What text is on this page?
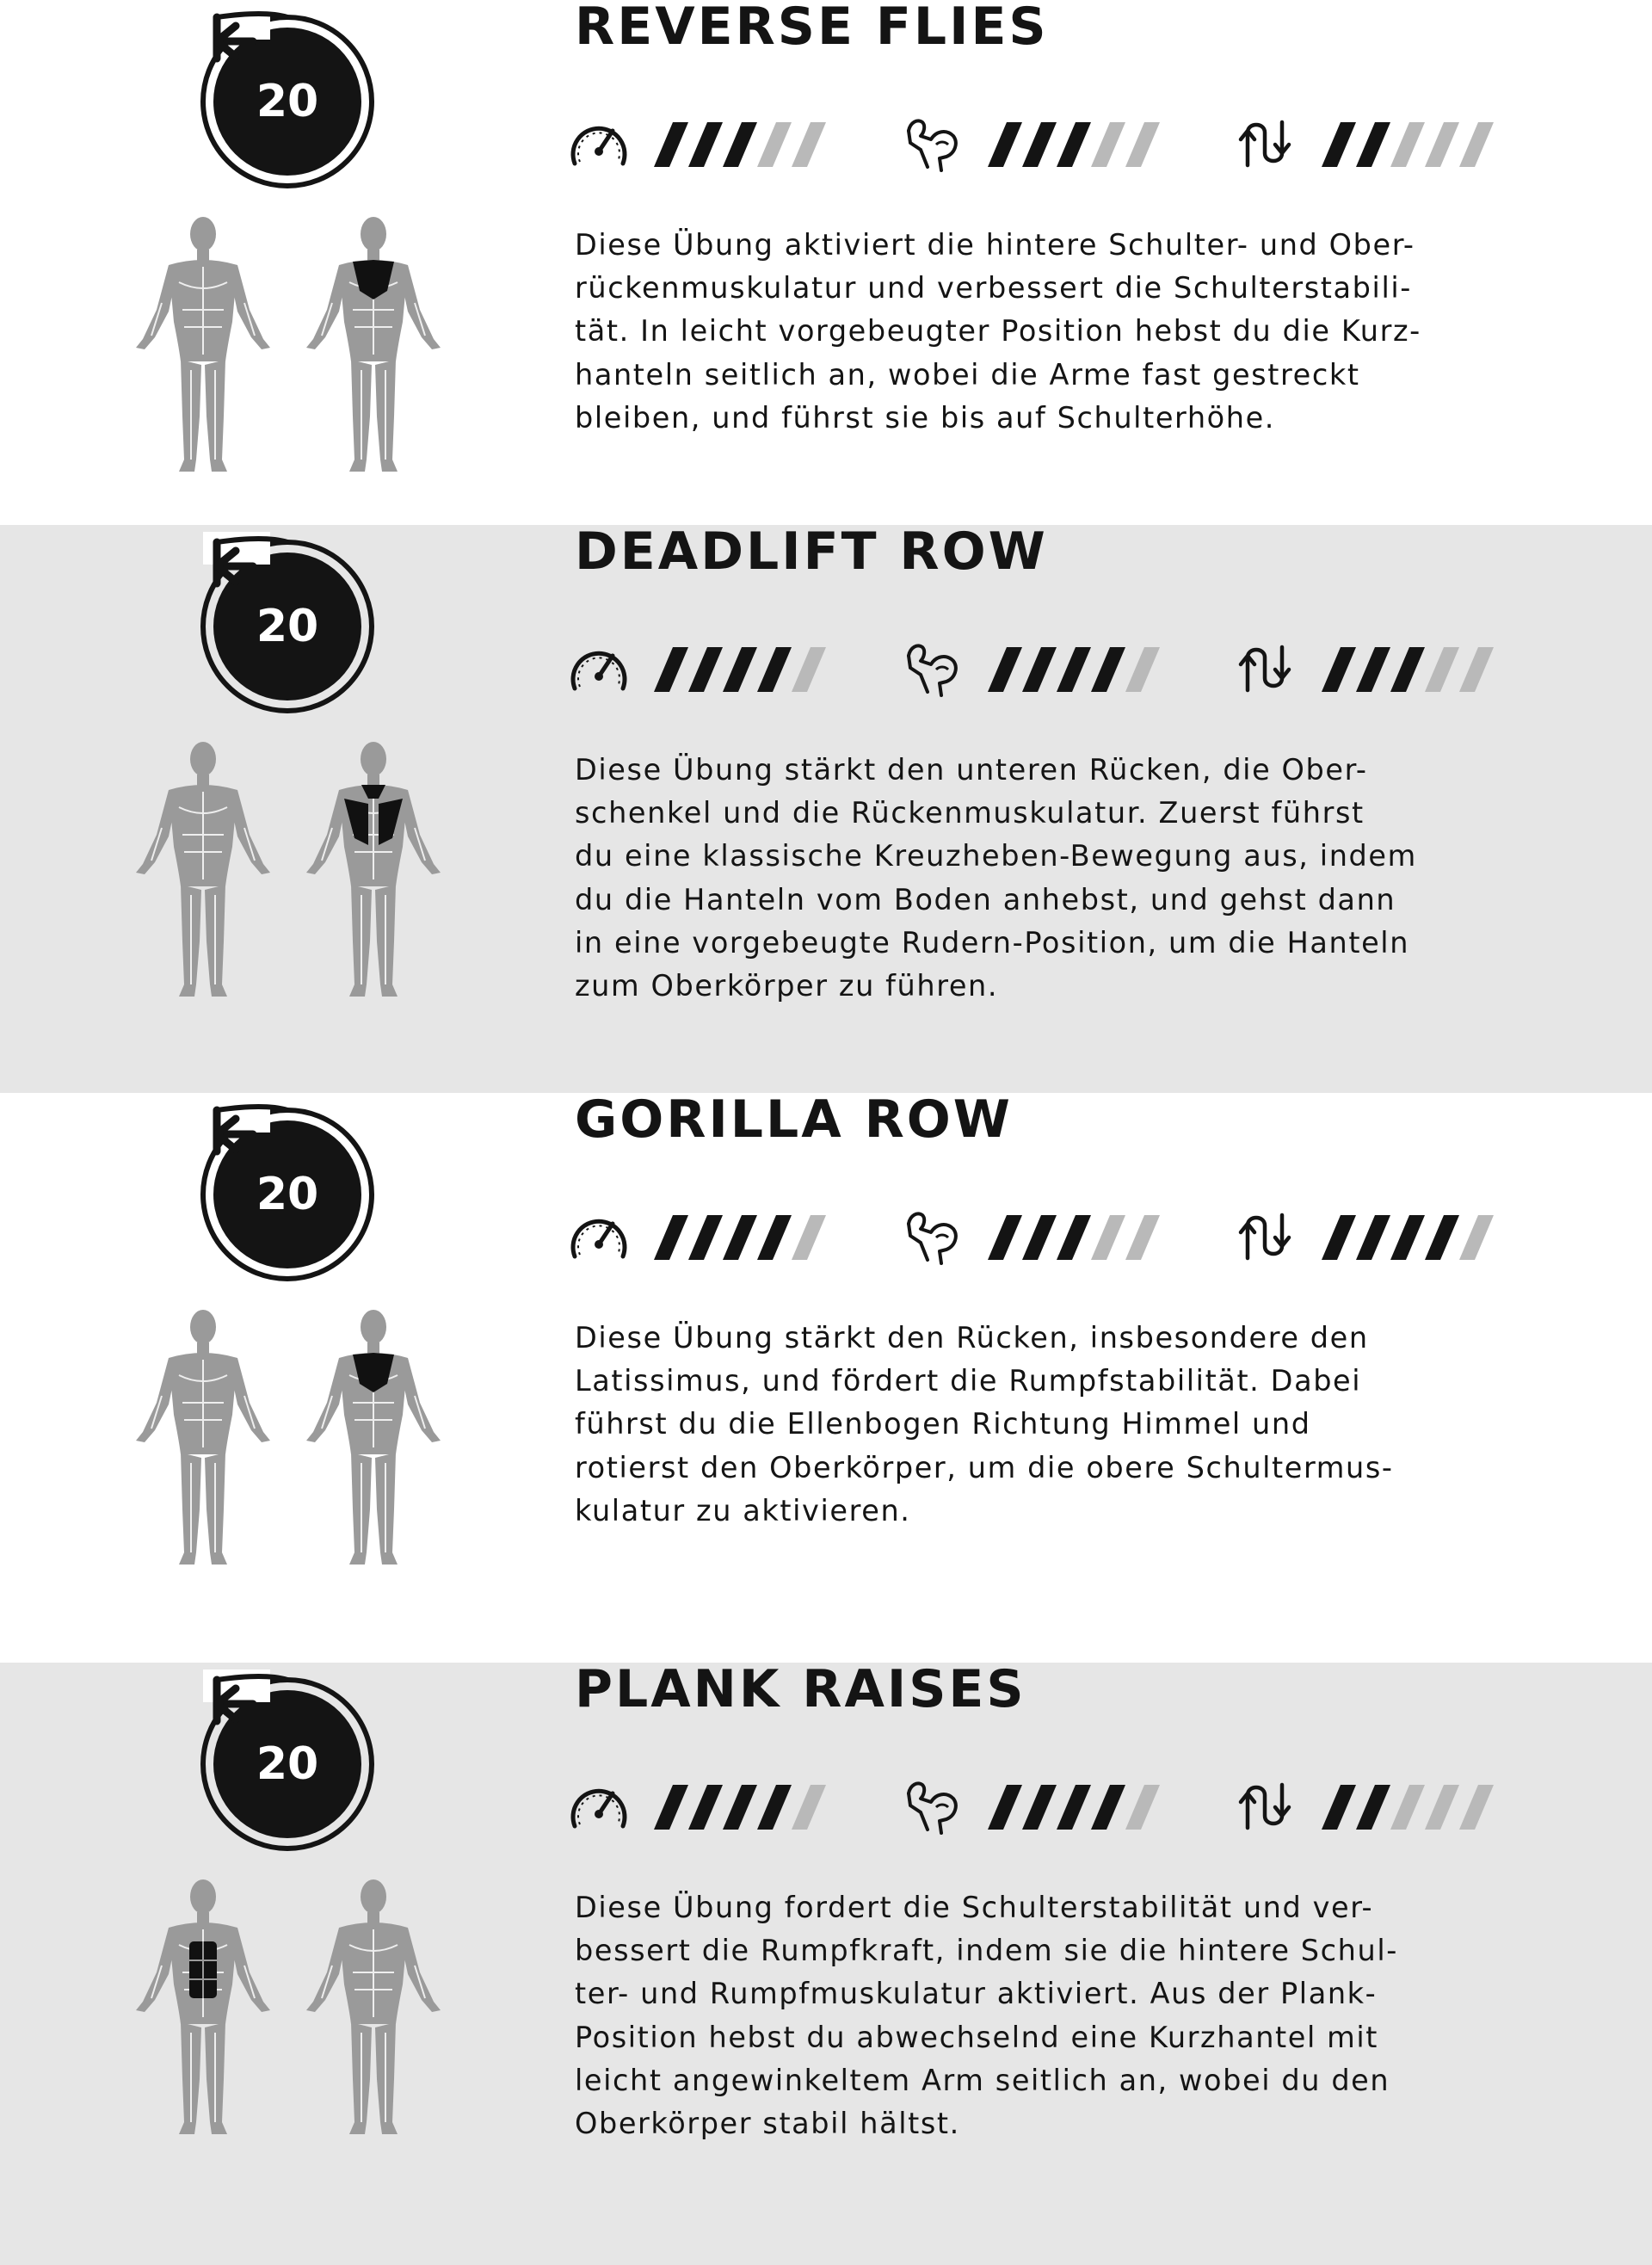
20
REVERSE FLIES

Diese Übung aktiviert die hintere Schulter- und Ober-
rückenmuskulatur und verbessert die Schulterstabili-
tät. In leicht vorgebeugter Position hebst du die Kurz-
hanteln seitlich an, wobei die Arme fast gestreckt
bleiben, und führst sie bis auf Schulterhöhe.

20
DEADLIFT ROW

Diese Übung stärkt den unteren Rücken, die Ober-
schenkel und die Rückenmuskulatur. Zuerst führst
du eine klassische Kreuzheben-Bewegung aus, indem
du die Hanteln vom Boden anhebst, und gehst dann
in eine vorgebeugte Rudern-Position, um die Hanteln
zum Oberkörper zu führen.

20
GORILLA ROW

Diese Übung stärkt den Rücken, insbesondere den
Latissimus, und fördert die Rumpfstabilität. Dabei
führst du die Ellenbogen Richtung Himmel und
rotierst den Oberkörper, um die obere Schultermus-
kulatur zu aktivieren.

20
PLANK RAISES

Diese Übung fordert die Schulterstabilität und ver-
bessert die Rumpfkraft, indem sie die hintere Schul-
ter- und Rumpfmuskulatur aktiviert. Aus der Plank-
Position hebst du abwechselnd eine Kurzhantel mit
leicht angewinkeltem Arm seitlich an, wobei du den
Oberkörper stabil hältst.
